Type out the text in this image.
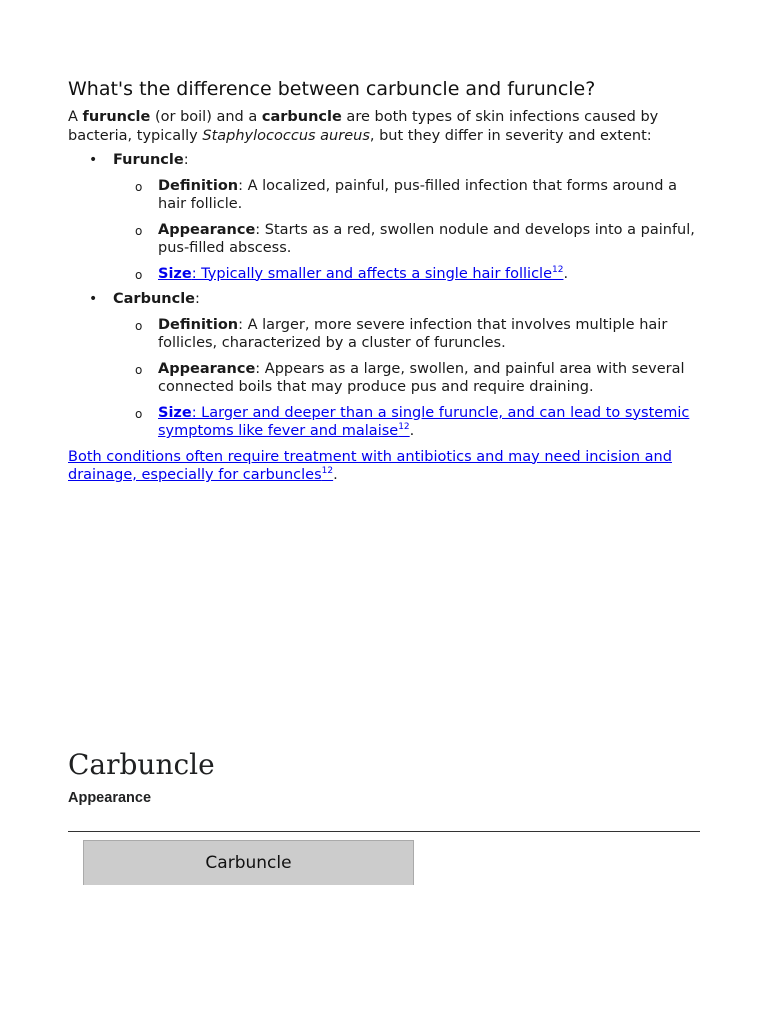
What's the difference between carbuncle and furuncle?

A furuncle (or boil) and a carbuncle are both types of skin infections caused by bacteria, typically Staphylococcus aureus, but they differ in severity and extent:

• Furuncle:
o Definition: A localized, painful, pus-filled infection that forms around a hair follicle.
o Appearance: Starts as a red, swollen nodule and develops into a painful, pus-filled abscess.
o Size: Typically smaller and affects a single hair follicle$^{12}$.
• Carbuncle:
o Definition: A larger, more severe infection that involves multiple hair follicles, characterized by a cluster of furuncles.
o Appearance: Appears as a large, swollen, and painful area with several connected boils that may produce pus and require draining.
o Size: Larger and deeper than a single furuncle, and can lead to systemic symptoms like fever and malaise$^{12}$.

Both conditions often require treatment with antibiotics and may need incision and drainage, especially for carbuncles$^{12}$.

Carbuncle
Appearance
Carbuncle
